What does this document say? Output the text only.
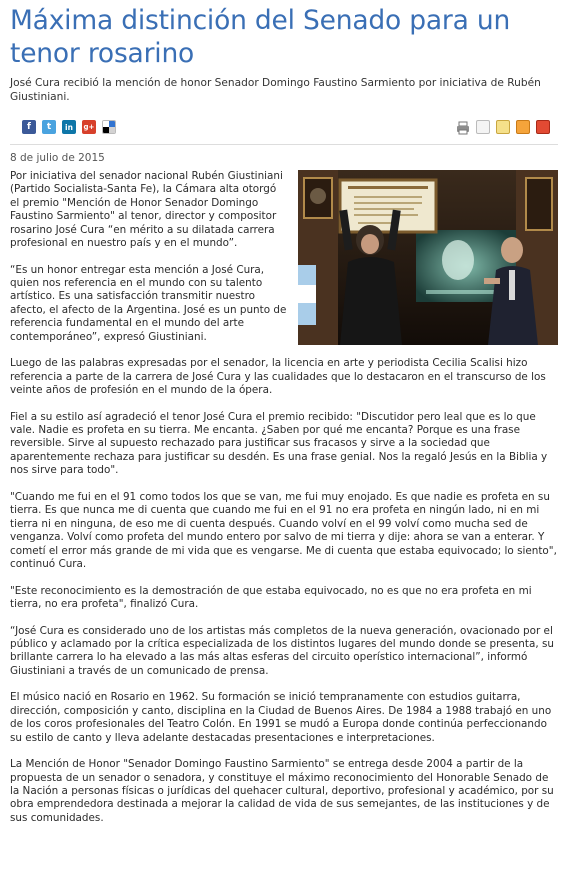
Máxima distinción del Senado para un tenor rosarino

José Cura recibió la mención de honor Senador Domingo Faustino Sarmiento por iniciativa de Rubén Giustiniani.

f t in g+

8 de julio de 2015

Por iniciativa del senador nacional Rubén Giustiniani (Partido Socialista-Santa Fe), la Cámara alta otorgó el premio "Mención de Honor Senador Domingo Faustino Sarmiento" al tenor, director y compositor rosarino José Cura “en mérito a su dilatada carrera profesional en nuestro país y en el mundo”.

“Es un honor entregar esta mención a José Cura, quien nos referencia en el mundo con su talento artístico. Es una satisfacción transmitir nuestro afecto, el afecto de la Argentina. José es un punto de referencia fundamental en el mundo del arte contemporáneo”, expresó Giustiniani.

Luego de las palabras expresadas por el senador, la licencia en arte y periodista Cecilia Scalisi hizo referencia a parte de la carrera de José Cura y las cualidades que lo destacaron en el transcurso de los veinte años de profesión en el mundo de la ópera.

Fiel a su estilo así agradeció el tenor José Cura el premio recibido: "Discutidor pero leal que es lo que vale. Nadie es profeta en su tierra. Me encanta. ¿Saben por qué me encanta? Porque es una frase reversible. Sirve al supuesto rechazado para justificar sus fracasos y sirve a la sociedad que aparentemente rechaza para justificar su desdén. Es una frase genial. Nos la regaló Jesús en la Biblia y nos sirve para todo".

"Cuando me fui en el 91 como todos los que se van, me fui muy enojado. Es que nadie es profeta en su tierra. Es que nunca me di cuenta que cuando me fui en el 91 no era profeta en ningún lado, ni en mi tierra ni en ninguna, de eso me di cuenta después. Cuando volví en el 99 volví como mucha sed de venganza. Volví como profeta del mundo entero por salvo de mi tierra y dije: ahora se van a enterar. Y cometí el error más grande de mi vida que es vengarse. Me di cuenta que estaba equivocado; lo siento", continuó Cura.

"Este reconocimiento es la demostración de que estaba equivocado, no es que no era profeta en mi tierra, no era profeta", finalizó Cura.

“José Cura es considerado uno de los artistas más completos de la nueva generación, ovacionado por el público y aclamado por la crítica especializada de los distintos lugares del mundo donde se presenta, su brillante carrera lo ha elevado a las más altas esferas del circuito operístico internacional”, informó Giustiniani a través de un comunicado de prensa.

El músico nació en Rosario en 1962. Su formación se inició tempranamente con estudios guitarra, dirección, composición y canto, disciplina en la Ciudad de Buenos Aires. De 1984 a 1988 trabajó en uno de los coros profesionales del Teatro Colón. En 1991 se mudó a Europa donde continúa perfeccionando su estilo de canto y lleva adelante destacadas presentaciones e interpretaciones.

La Mención de Honor "Senador Domingo Faustino Sarmiento" se entrega desde 2004 a partir de la propuesta de un senador o senadora, y constituye el máximo reconocimiento del Honorable Senado de la Nación a personas físicas o jurídicas del quehacer cultural, deportivo, profesional y académico, por su obra emprendedora destinada a mejorar la calidad de vida de sus semejantes, de las instituciones y de sus comunidades.
